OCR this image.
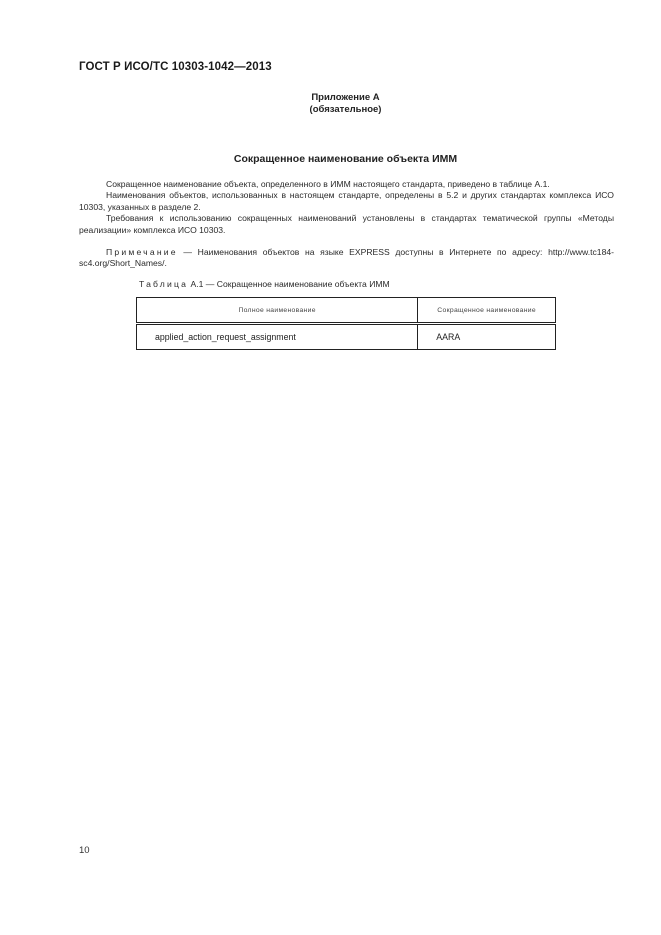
ГОСТ Р ИСО/ТС 10303-1042—2013
Приложение А
(обязательное)
Сокращенное наименование объекта ИММ

Сокращенное наименование объекта, определенного в ИММ настоящего стандарта, приведено в таблице А.1.

Наименования объектов, использованных в настоящем стандарте, определены в 5.2 и других стандартах комплекса ИСО 10303, указанных в разделе 2.

Требования к использованию сокращенных наименований установлены в стандартах тематической группы «Методы реализации» комплекса ИСО 10303.

Примечание — Наименования объектов на языке EXPRESS доступны в Интернете по адресу: http://www.tc184-sc4.org/Short_Names/.

Таблица А.1 — Сокращенное наименование объекта ИММ
Полное наименование	Сокращенное наименование
applied_action_request_assignment	AARA
10
